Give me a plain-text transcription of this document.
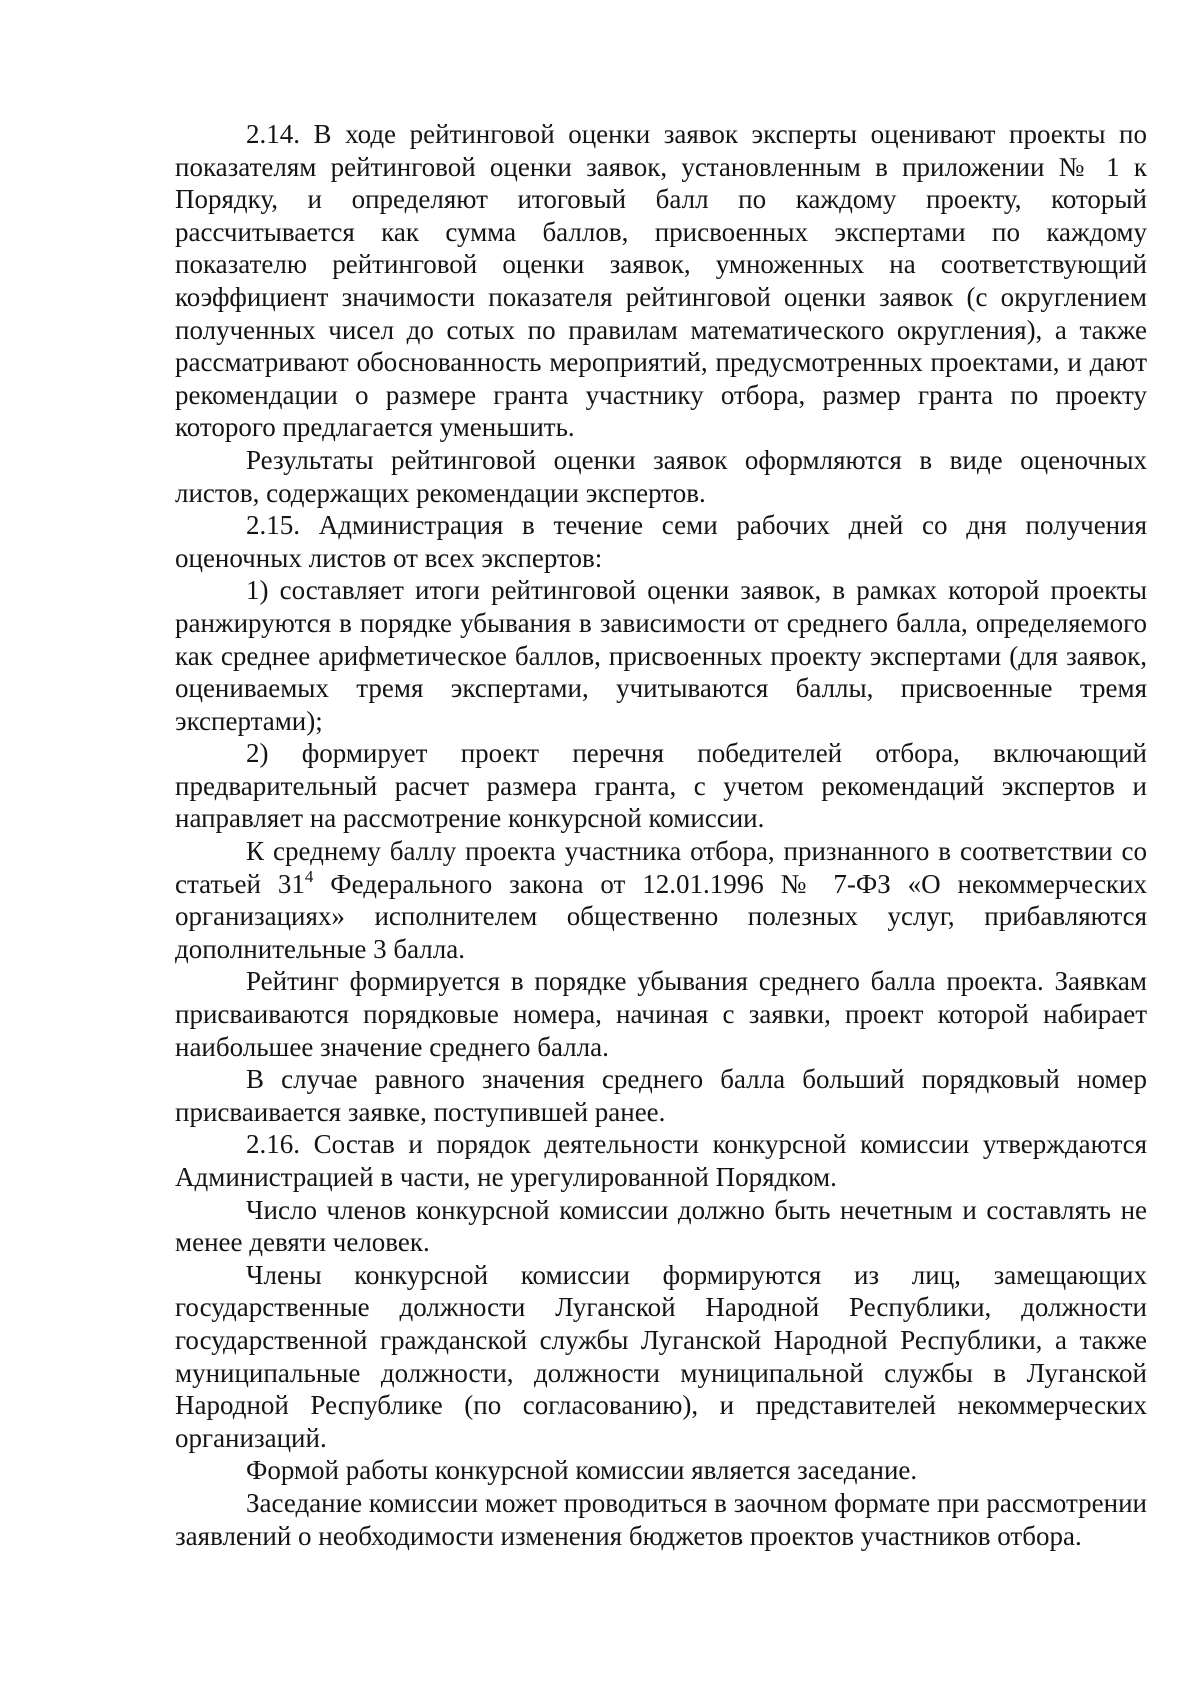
2.14. В ходе рейтинговой оценки заявок эксперты оценивают проекты по показателям рейтинговой оценки заявок, установленным в приложении № 1 к Порядку, и определяют итоговый балл по каждому проекту, который рассчитывается как сумма баллов, присвоенных экспертами по каждому показателю рейтинговой оценки заявок, умноженных на соответствующий коэффициент значимости показателя рейтинговой оценки заявок (с округлением полученных чисел до сотых по правилам математического округления), а также рассматривают обоснованность мероприятий, предусмотренных проектами, и дают рекомендации о размере гранта участнику отбора, размер гранта по проекту которого предлагается уменьшить.

Результаты рейтинговой оценки заявок оформляются в виде оценочных листов, содержащих рекомендации экспертов.

2.15. Администрация в течение семи рабочих дней со дня получения оценочных листов от всех экспертов:

1) составляет итоги рейтинговой оценки заявок, в рамках которой проекты ранжируются в порядке убывания в зависимости от среднего балла, определяемого как среднее арифметическое баллов, присвоенных проекту экспертами (для заявок, оцениваемых тремя экспертами, учитываются баллы, присвоенные тремя экспертами);

2) формирует проект перечня победителей отбора, включающий предварительный расчет размера гранта, с учетом рекомендаций экспертов и направляет на рассмотрение конкурсной комиссии.

К среднему баллу проекта участника отбора, признанного в соответствии со статьей $31^4$ Федерального закона от 12.01.1996 № 7-ФЗ «О некоммерческих организациях» исполнителем общественно полезных услуг, прибавляются дополнительные 3 балла.

Рейтинг формируется в порядке убывания среднего балла проекта. Заявкам присваиваются порядковые номера, начиная с заявки, проект которой набирает наибольшее значение среднего балла.

В случае равного значения среднего балла больший порядковый номер присваивается заявке, поступившей ранее.

2.16. Состав и порядок деятельности конкурсной комиссии утверждаются Администрацией в части, не урегулированной Порядком.

Число членов конкурсной комиссии должно быть нечетным и составлять не менее девяти человек.

Члены конкурсной комиссии формируются из лиц, замещающих государственные должности Луганской Народной Республики, должности государственной гражданской службы Луганской Народной Республики, а также муниципальные должности, должности муниципальной службы в Луганской Народной Республике (по согласованию), и представителей некоммерческих организаций.

Формой работы конкурсной комиссии является заседание.

Заседание комиссии может проводиться в заочном формате при рассмотрении заявлений о необходимости изменения бюджетов проектов участников отбора.
